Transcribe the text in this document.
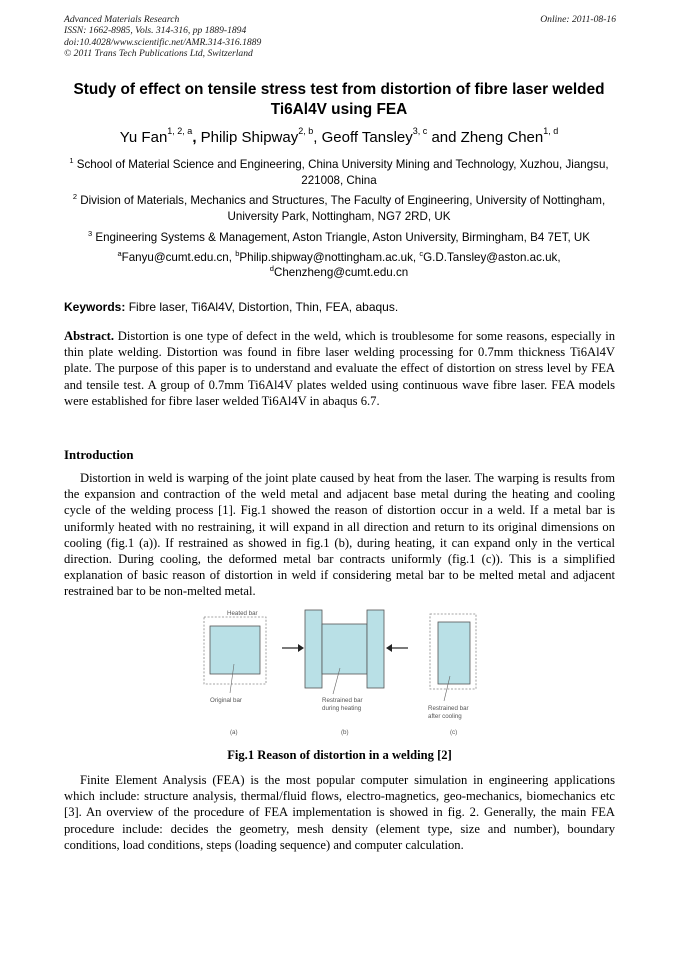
Advanced Materials Research
ISSN: 1662-8985, Vols. 314-316, pp 1889-1894
doi:10.4028/www.scientific.net/AMR.314-316.1889
© 2011 Trans Tech Publications Ltd, Switzerland
Online: 2011-08-16
Study of effect on tensile stress test from distortion of fibre laser welded Ti6Al4V using FEA
Yu Fan$^{1, 2, a}$, Philip Shipway$^{2, b}$, Geoff Tansley$^{3, c}$ and Zheng Chen$^{1, d}$
$^1$ School of Material Science and Engineering, China University Mining and Technology, Xuzhou, Jiangsu, 221008, China
$^2$ Division of Materials, Mechanics and Structures, The Faculty of Engineering, University of Nottingham, University Park, Nottingham, NG7 2RD, UK
$^3$ Engineering Systems & Management, Aston Triangle, Aston University, Birmingham, B4 7ET, UK
$^a$Fanyu@cumt.edu.cn, $^b$Philip.shipway@nottingham.ac.uk, $^c$G.D.Tansley@aston.ac.uk,
$^d$Chenzheng@cumt.edu.cn
Keywords: Fibre laser, Ti6Al4V, Distortion, Thin, FEA, abaqus.
Abstract. Distortion is one type of defect in the weld, which is troublesome for some reasons, especially in thin plate welding. Distortion was found in fibre laser welding processing for 0.7mm thickness Ti6Al4V plate. The purpose of this paper is to understand and evaluate the effect of distortion on stress level by FEA and tensile test. A group of 0.7mm Ti6Al4V plates welded using continuous wave fibre laser. FEA models were established for fibre laser welded Ti6Al4V in abaqus 6.7.
Introduction
Distortion in weld is warping of the joint plate caused by heat from the laser. The warping is results from the expansion and contraction of the weld metal and adjacent base metal during the heating and cooling cycle of the welding process [1]. Fig.1 showed the reason of distortion occur in a weld. If a metal bar is uniformly heated with no restraining, it will expand in all direction and return to its original dimensions on cooling (fig.1 (a)). If restrained as showed in fig.1 (b), during heating, it can expand only in the vertical direction. During cooling, the deformed metal bar contracts uniformly (fig.1 (c)). This is a simplified explanation of basic reason of distortion in weld if considering metal bar to be melted metal and adjacent restrained bar to be non-melted metal.
Heated bar
Original bar
(a)
Restrained bar
during heating
(b)
Restrained bar
after cooling
(c)
Fig.1 Reason of distortion in a welding [2]
Finite Element Analysis (FEA) is the most popular computer simulation in engineering applications which include: structure analysis, thermal/fluid flows, electro-magnetics, geo-mechanics, biomechanics etc [3]. An overview of the procedure of FEA implementation is showed in fig. 2. Generally, the main FEA procedure include: decides the geometry, mesh density (element type, size and number), boundary conditions, load conditions, steps (loading sequence) and computer calculation.
